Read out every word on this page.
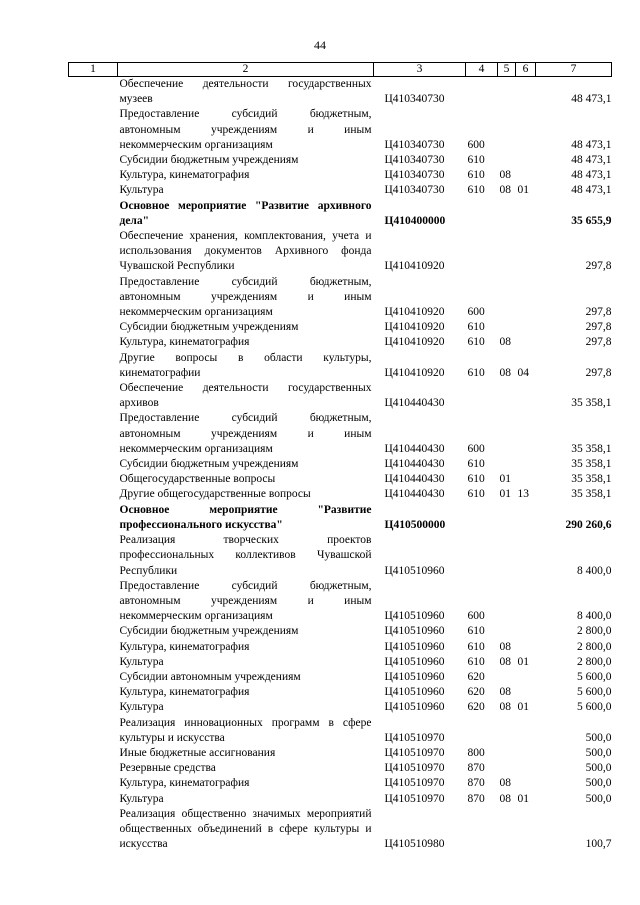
44
1	2	3	4	5	6	7
	Обеспечение деятельности государственных музеев	Ц410340730				48 473,1
	Предоставление субсидий бюджетным, автономным учреждениям и иным некоммерческим организациям	Ц410340730	600			48 473,1
	Субсидии бюджетным учреждениям	Ц410340730	610			48 473,1
	Культура, кинематография	Ц410340730	610	08		48 473,1
	Культура	Ц410340730	610	08	01	48 473,1
	Основное мероприятие "Развитие архивного дела"	Ц410400000				35 655,9
	Обеспечение хранения, комплектования, учета и использования документов Архивного фонда Чувашской Республики	Ц410410920				297,8
	Предоставление субсидий бюджетным, автономным учреждениям и иным некоммерческим организациям	Ц410410920	600			297,8
	Субсидии бюджетным учреждениям	Ц410410920	610			297,8
	Культура, кинематография	Ц410410920	610	08		297,8
	Другие вопросы в области культуры, кинематографии	Ц410410920	610	08	04	297,8
	Обеспечение деятельности государственных архивов	Ц410440430				35 358,1
	Предоставление субсидий бюджетным, автономным учреждениям и иным некоммерческим организациям	Ц410440430	600			35 358,1
	Субсидии бюджетным учреждениям	Ц410440430	610			35 358,1
	Общегосударственные вопросы	Ц410440430	610	01		35 358,1
	Другие общегосударственные вопросы	Ц410440430	610	01	13	35 358,1
	Основное мероприятие "Развитие профессионального искусства"	Ц410500000				290 260,6
	Реализация творческих проектов профессиональных коллективов Чувашской Республики	Ц410510960				8 400,0
	Предоставление субсидий бюджетным, автономным учреждениям и иным некоммерческим организациям	Ц410510960	600			8 400,0
	Субсидии бюджетным учреждениям	Ц410510960	610			2 800,0
	Культура, кинематография	Ц410510960	610	08		2 800,0
	Культура	Ц410510960	610	08	01	2 800,0
	Субсидии автономным учреждениям	Ц410510960	620			5 600,0
	Культура, кинематография	Ц410510960	620	08		5 600,0
	Культура	Ц410510960	620	08	01	5 600,0
	Реализация инновационных программ в сфере культуры и искусства	Ц410510970				500,0
	Иные бюджетные ассигнования	Ц410510970	800			500,0
	Резервные средства	Ц410510970	870			500,0
	Культура, кинематография	Ц410510970	870	08		500,0
	Культура	Ц410510970	870	08	01	500,0
	Реализация общественно значимых мероприятий общественных объединений в сфере культуры и искусства	Ц410510980				100,7
